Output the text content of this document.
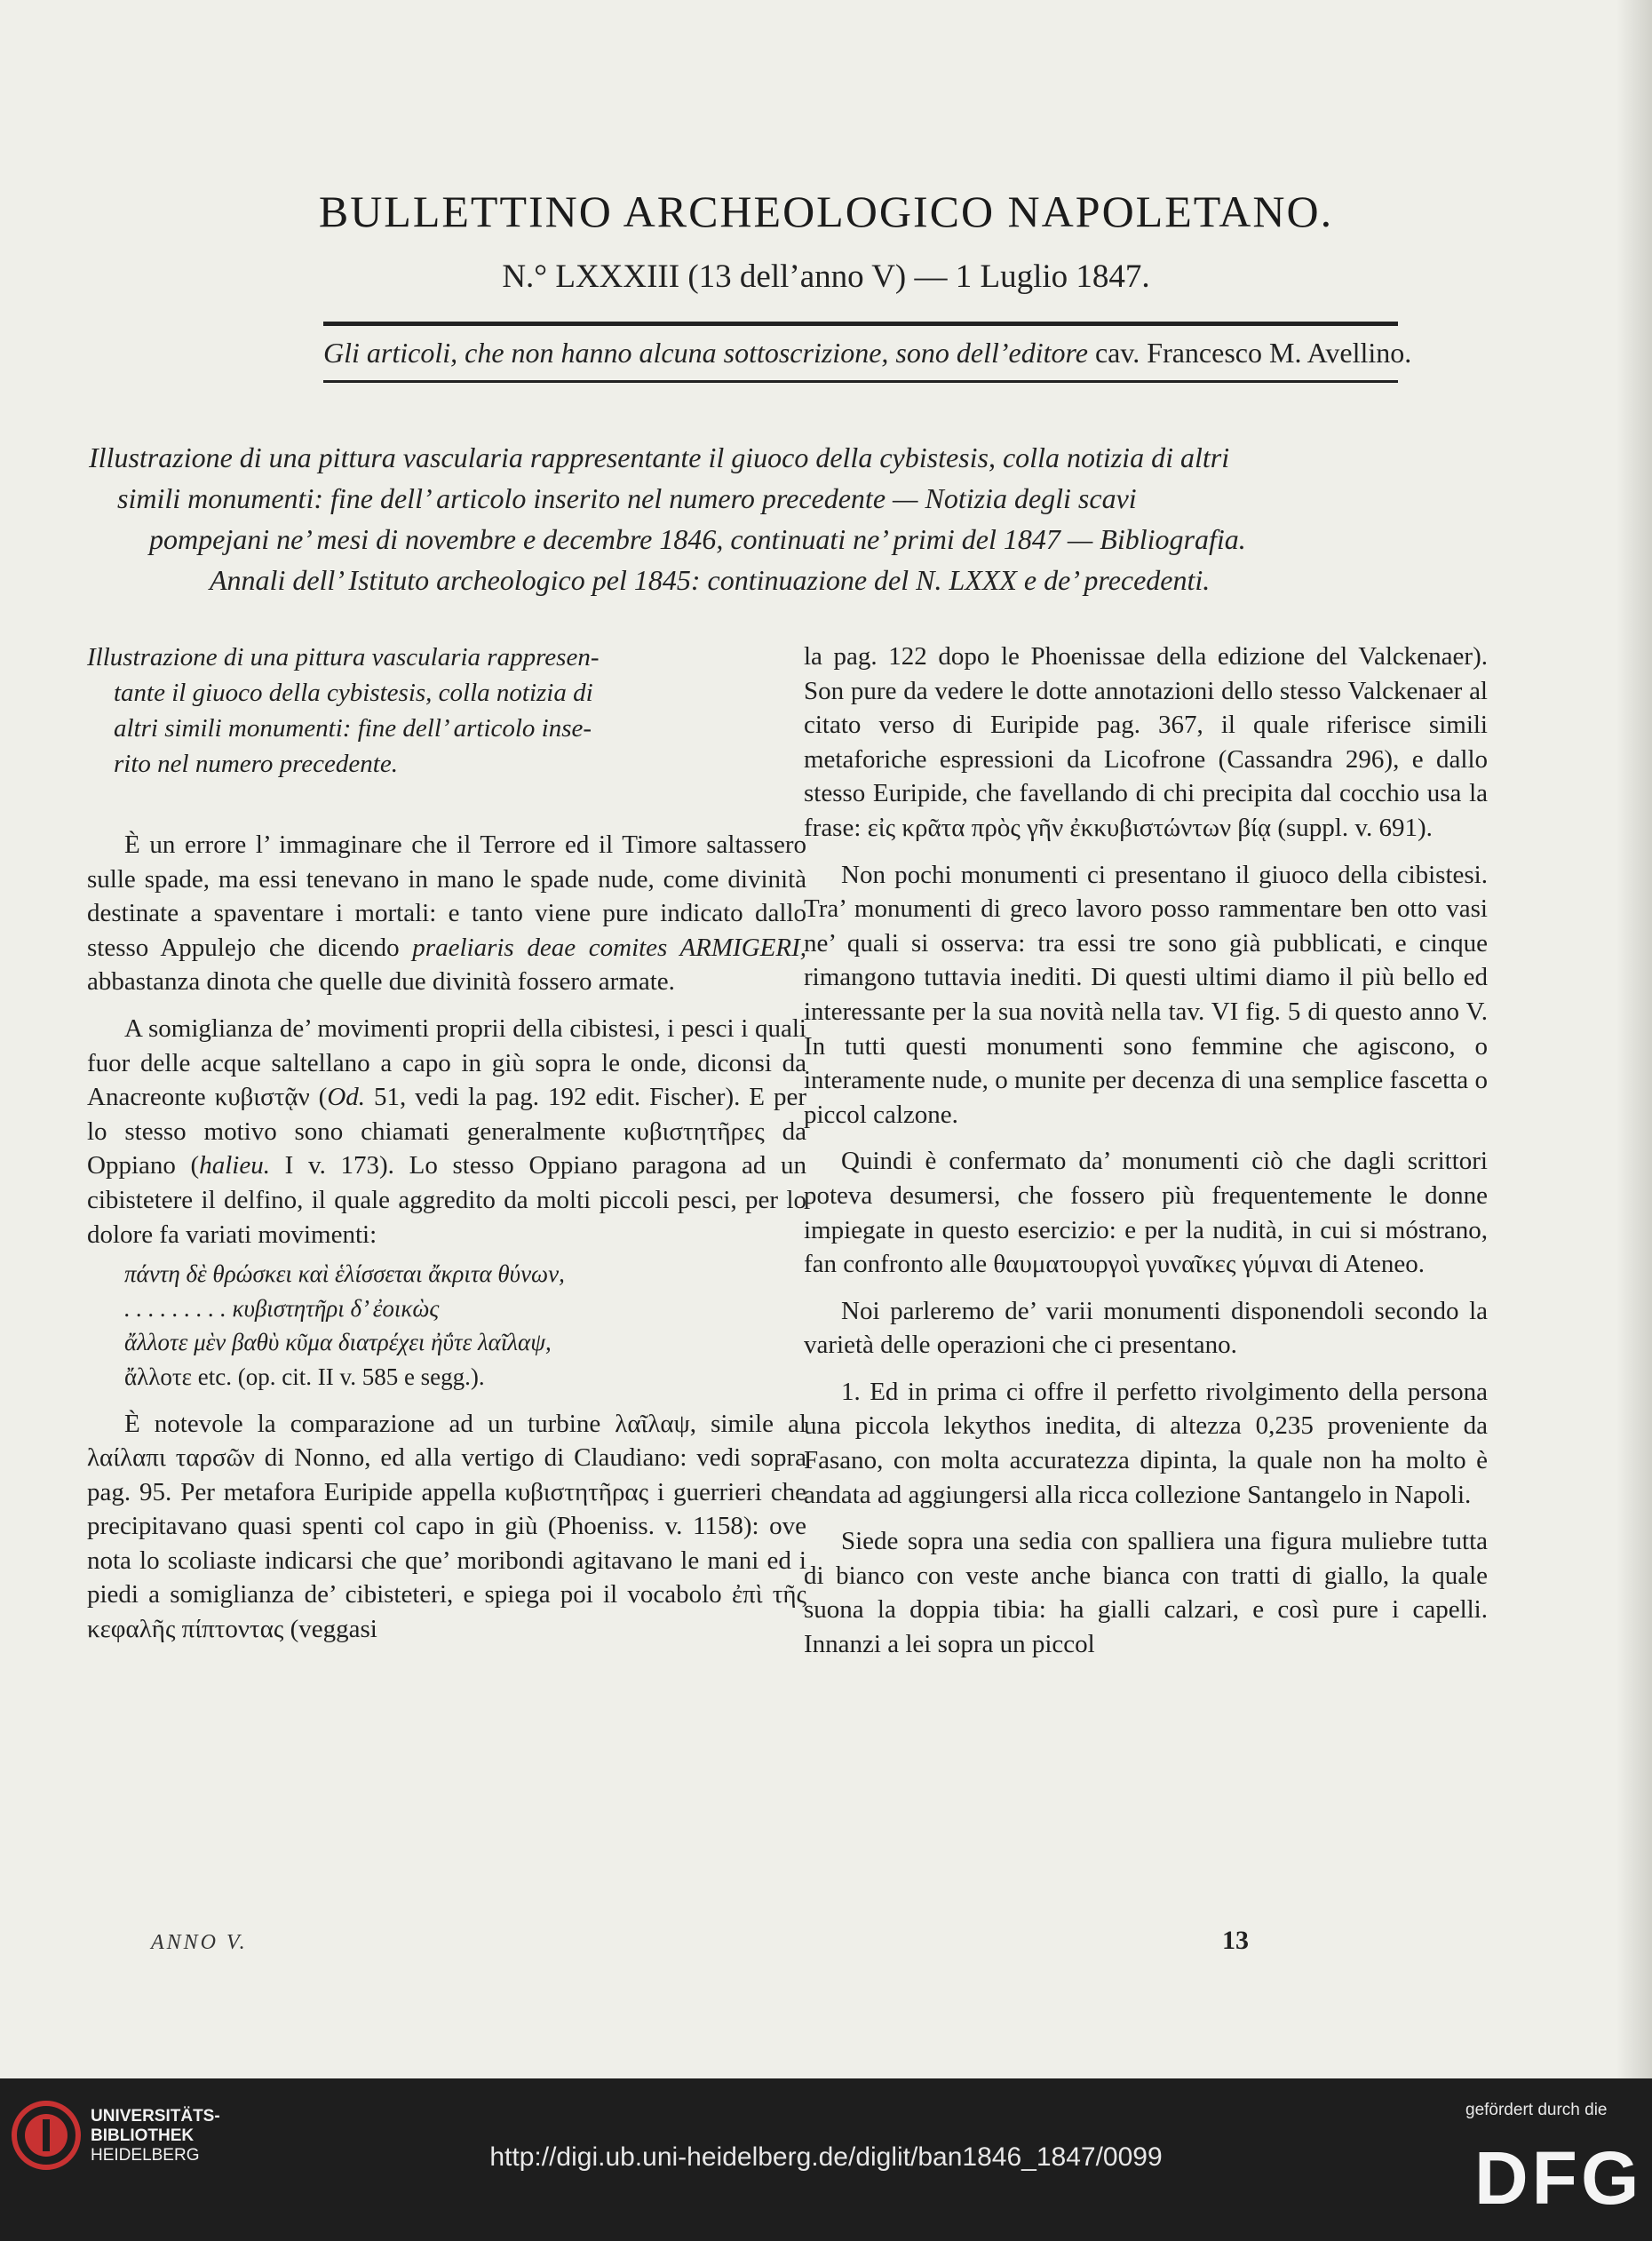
BULLETTINO ARCHEOLOGICO NAPOLETANO.
N.° LXXXIII (13 dell’anno V) — 1 Luglio 1847.
Gli articoli, che non hanno alcuna sottoscrizione, sono dell’editore cav. Francesco M. Avellino.
Illustrazione di una pittura vascularia rappresentante il giuoco della cybistesis, colla notizia di altri
simili monumenti: fine dell’ articolo inserito nel numero precedente — Notizia degli scavi
pompejani ne’ mesi di novembre e decembre 1846, continuati ne’ primi del 1847 — Bibliografia.
Annali dell’ Istituto archeologico pel 1845: continuazione del N. LXXX e de’ precedenti.

Illustrazione di una pittura vascularia rappresen-

tante il giuoco della cybistesis, colla notizia di

altri simili monumenti: fine dell’ articolo inse-

rito nel numero precedente.

È un errore l’ immaginare che il Terrore ed il Timore saltassero sulle spade, ma essi tenevano in mano le spade nude, come divinità destinate a spaventare i mortali: e tanto viene pure indicato dallo stesso Appulejo che dicendo praeliaris deae comites ARMIGERI, abbastanza dinota che quelle due divinità fossero armate.

A somiglianza de’ movimenti proprii della cibistesi, i pesci i quali fuor delle acque saltellano a capo in giù sopra le onde, diconsi da Anacreonte κυβιστᾷν (Od. 51, vedi la pag. 192 edit. Fischer). E per lo stesso motivo sono chiamati generalmente κυβιστητῆρες da Oppiano (halieu. I v. 173). Lo stesso Oppiano paragona ad un cibistetere il delfino, il quale aggredito da molti piccoli pesci, per lo dolore fa variati movimenti:

πάντη δὲ θρώσκει καὶ ἑλίσσεται ἄκριτα θύνων,

. . . . . . . . . κυβιστητῆρι δ’ ἐοικὼς

ἄλλοτε μὲν βαθὺ κῦμα διατρέχει ἠΰτε λαῖλαψ,

ἄλλοτε etc. (op. cit. II v. 585 e segg.).

È notevole la comparazione ad un turbine λαῖλαψ, simile al λαίλαπι ταρσῶν di Nonno, ed alla vertigo di Claudiano: vedi sopra pag. 95. Per metafora Euripide appella κυβιστητῆρας i guerrieri che precipitavano quasi spenti col capo in giù (Phoeniss. v. 1158): ove nota lo scoliaste indicarsi che que’ moribondi agitavano le mani ed i piedi a somiglianza de’ cibisteteri, e spiega poi il vocabolo ἐπὶ τῆς κεφαλῆς πίπτοντας (veggasi

la pag. 122 dopo le Phoenissae della edizione del Valckenaer). Son pure da vedere le dotte annotazioni dello stesso Valckenaer al citato verso di Euripide pag. 367, il quale riferisce simili metaforiche espressioni da Licofrone (Cassandra 296), e dallo stesso Euripide, che favellando di chi precipita dal cocchio usa la frase: εἰς κρᾶτα πρὸς γῆν ἐκκυβιστώντων βίᾳ (suppl. v. 691).

Non pochi monumenti ci presentano il giuoco della cibistesi. Tra’ monumenti di greco lavoro posso rammentare ben otto vasi ne’ quali si osserva: tra essi tre sono già pubblicati, e cinque rimangono tuttavia inediti. Di questi ultimi diamo il più bello ed interessante per la sua novità nella tav. VI fig. 5 di questo anno V. In tutti questi monumenti sono femmine che agiscono, o interamente nude, o munite per decenza di una semplice fascetta o piccol calzone.

Quindi è confermato da’ monumenti ciò che dagli scrittori poteva desumersi, che fossero più frequentemente le donne impiegate in questo esercizio: e per la nudità, in cui si móstrano, fan confronto alle θαυματουργοὶ γυναῖκες γύμναι di Ateneo.

Noi parleremo de’ varii monumenti disponendoli secondo la varietà delle operazioni che ci presentano.

1. Ed in prima ci offre il perfetto rivolgimento della persona una piccola lekythos inedita, di altezza 0,235 proveniente da Fasano, con molta accuratezza dipinta, la quale non ha molto è andata ad aggiungersi alla ricca collezione Santangelo in Napoli.

Siede sopra una sedia con spalliera una figura muliebre tutta di bianco con veste anche bianca con tratti di giallo, la quale suona la doppia tibia: ha gialli calzari, e così pure i capelli. Innanzi a lei sopra un piccol

ANNO V.	13
UNIVERSITÄTS-
BIBLIOTHEK
HEIDELBERG	http://digi.ub.uni-heidelberg.de/diglit/ban1846_1847/0099
gefördert durch die
DFG
